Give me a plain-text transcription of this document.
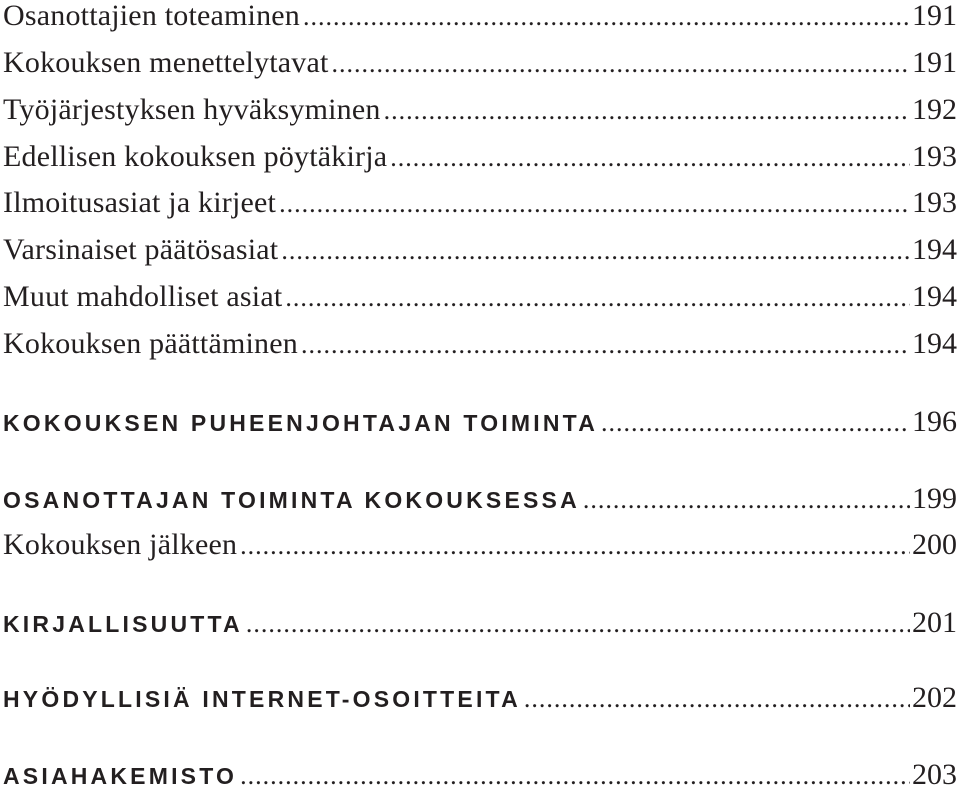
Osanottajien toteaminen .....	191
Kokouksen menettelytavat .....	191
Työjärjestyksen hyväksyminen .....	192
Edellisen kokouksen pöytäkirja .....	193
Ilmoitusasiat ja kirjeet .....	193
Varsinaiset päätösasiat .....	194
Muut mahdolliset asiat .....	194
Kokouksen päättäminen .....	194
KOKOUKSEN PUHEENJOHTAJAN TOIMINTA .....	196
OSANOTTAJAN TOIMINTA KOKOUKSESSA .....	199
Kokouksen jälkeen .....	200
KIRJALLISUUTTA .....	201
HYÖDYLLISIÄ INTERNET-OSOITTEITA .....	202
ASIAHAKEMISTO .....	203
